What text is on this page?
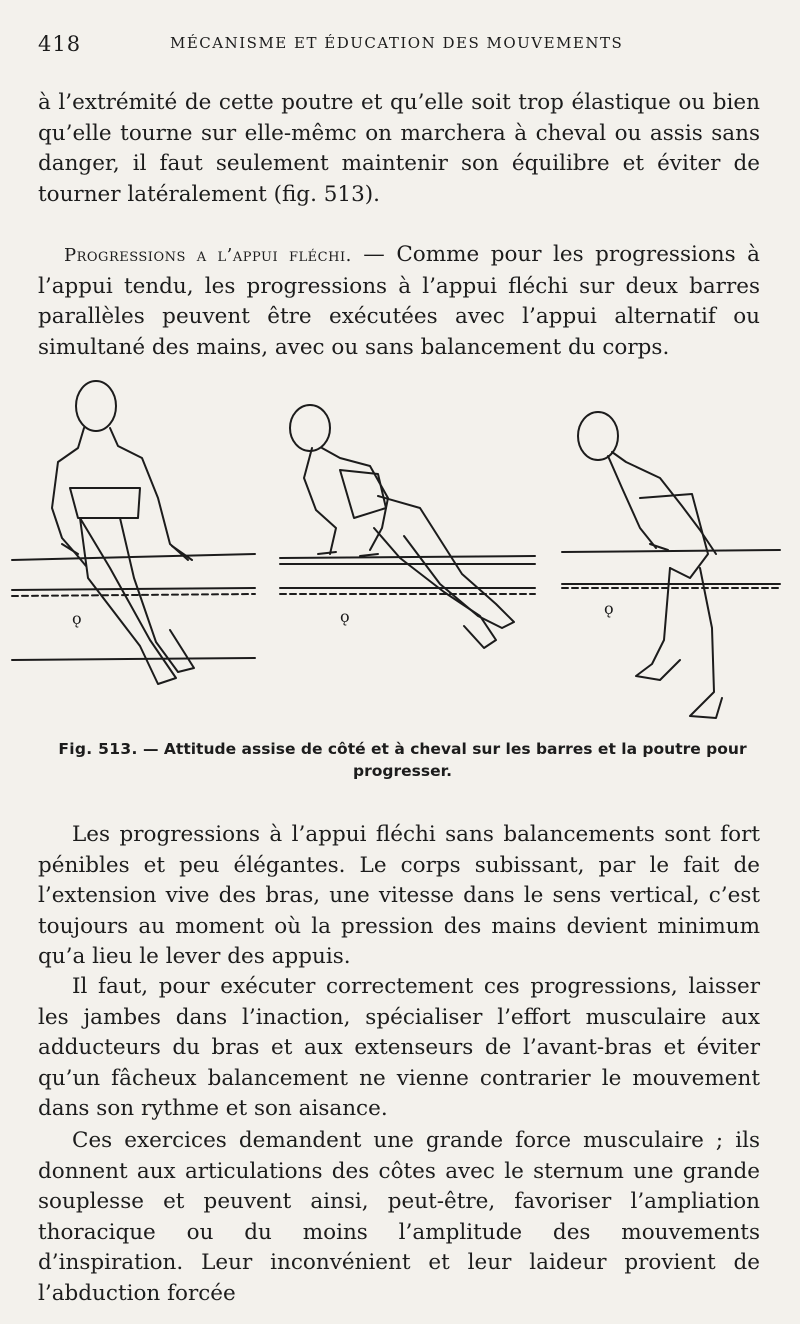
418	MÉCANISME ET ÉDUCATION DES MOUVEMENTS

à l’extrémité de cette poutre et qu’elle soit trop élastique ou bien qu’elle tourne sur elle-mêmc on marchera à cheval ou assis sans danger, il faut seulement maintenir son équilibre et éviter de tourner latéralement (fig. 513).

Progressions a l’appui fléchi. — Comme pour les progressions à l’appui tendu, les progressions à l’appui fléchi sur deux barres parallèles peuvent être exécutées avec l’appui alternatif ou simultané des mains, avec ou sans balancement du corps.

ǫ	ǫ	ǫ

Fig. 513. — Attitude assise de côté et à cheval sur les barres et la poutre pour progresser.

Les progressions à l’appui fléchi sans balancements sont fort pénibles et peu élégantes. Le corps subissant, par le fait de l’extension vive des bras, une vitesse dans le sens vertical, c’est toujours au moment où la pression des mains devient minimum qu’a lieu le lever des appuis.

Il faut, pour exécuter correctement ces progressions, laisser les jambes dans l’inaction, spécialiser l’effort musculaire aux adducteurs du bras et aux extenseurs de l’avant-bras et éviter qu’un fâcheux balancement ne vienne contrarier le mouvement dans son rythme et son aisance.

Ces exercices demandent une grande force musculaire ; ils donnent aux articulations des côtes avec le sternum une grande souplesse et peuvent ainsi, peut-être, favoriser l’ampliation thoracique ou du moins l’amplitude des mouvements d’inspiration. Leur inconvénient et leur laideur provient de l’abduction forcée
